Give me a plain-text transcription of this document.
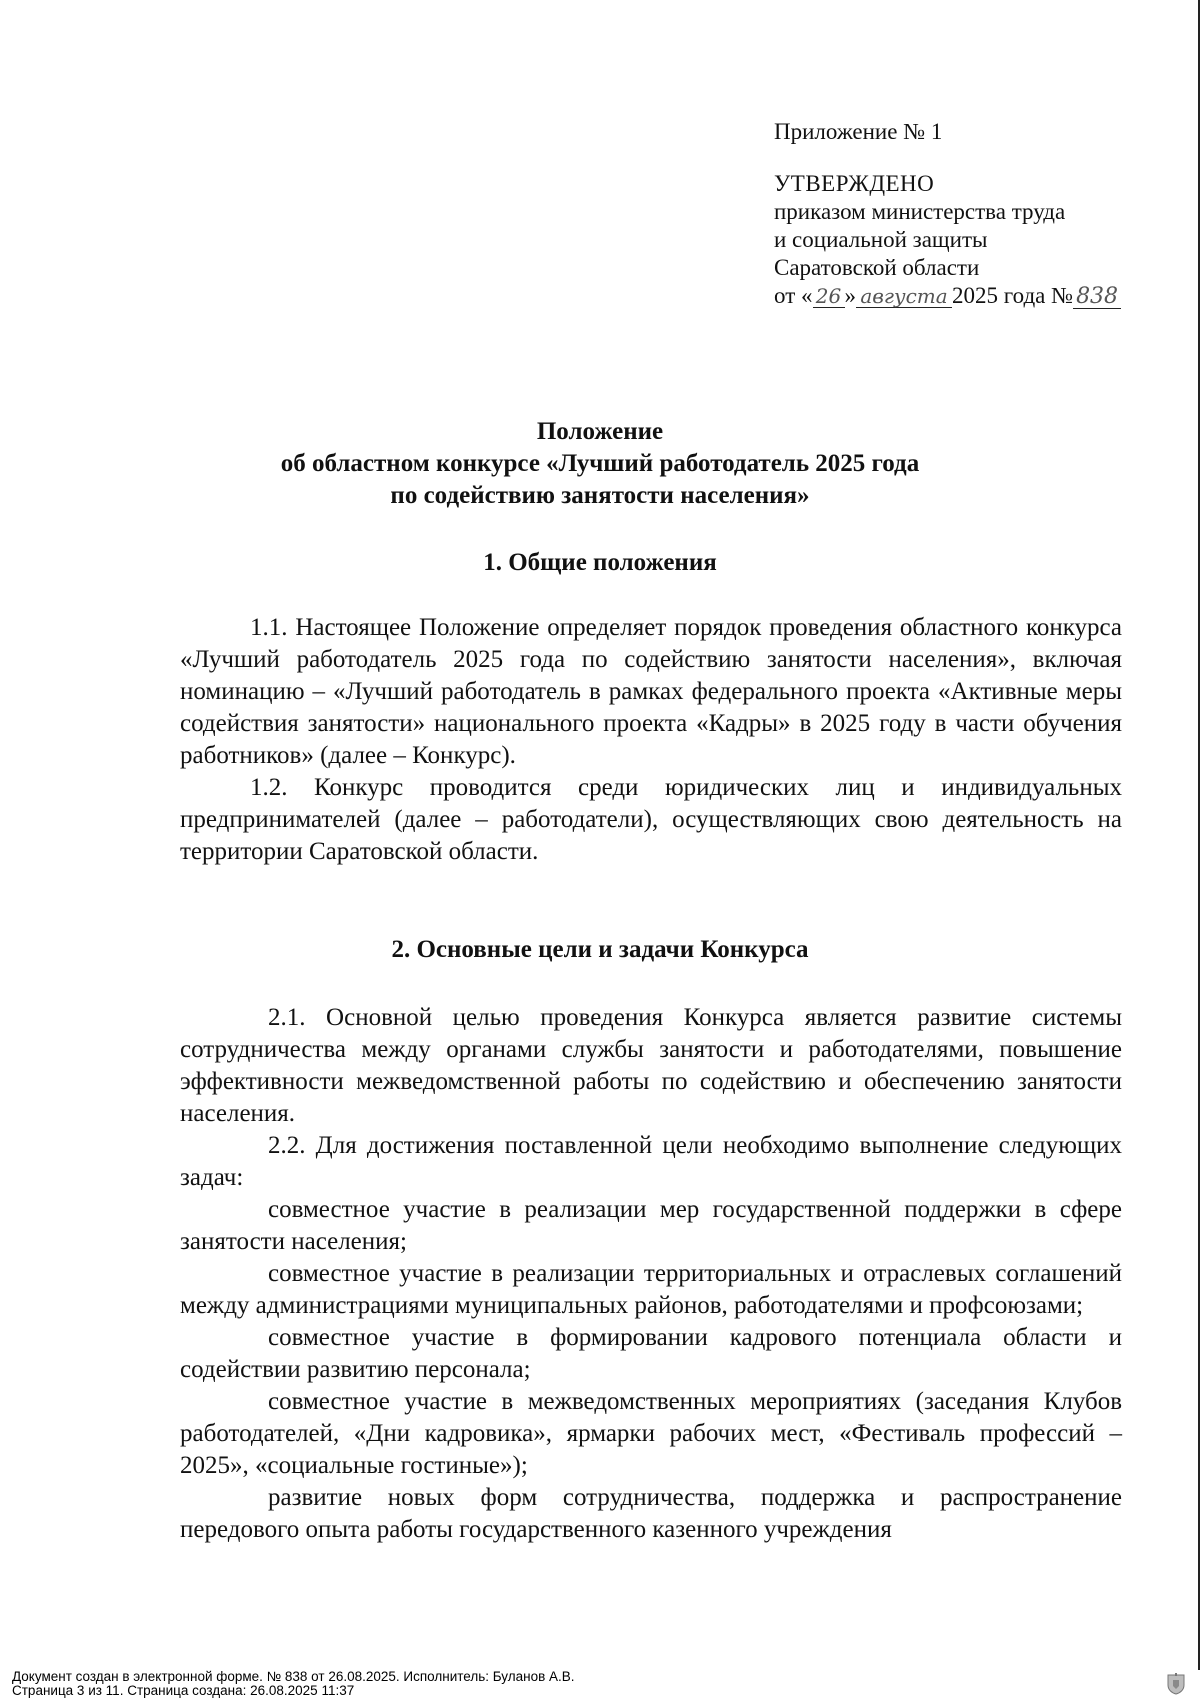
Приложение № 1
УТВЕРЖДЕНО
приказом министерства труда
и социальной защиты
Саратовской области
от « 26 » августа 2025 года № 838
Положение
об областном конкурсе «Лучший работодатель 2025 года
по содействию занятости населения»
1. Общие положения

1.1. Настоящее Положение определяет порядок проведения областного конкурса «Лучший работодатель 2025 года по содействию занятости населения», включая номинацию – «Лучший работодатель в рамках федерального проекта «Активные меры содействия занятости» национального проекта «Кадры» в 2025 году в части обучения работников» (далее – Конкурс).

1.2. Конкурс проводится среди юридических лиц и индивидуальных предпринимателей (далее – работодатели), осуществляющих свою деятельность на территории Саратовской области.

2. Основные цели и задачи Конкурса

2.1. Основной целью проведения Конкурса является развитие системы сотрудничества между органами службы занятости и работодателями, повышение эффективности межведомственной работы по содействию и обеспечению занятости населения.

2.2. Для достижения поставленной цели необходимо выполнение следующих задач:

совместное участие в реализации мер государственной поддержки в сфере занятости населения;

совместное участие в реализации территориальных и отраслевых соглашений между администрациями муниципальных районов, работодателями и профсоюзами;

совместное участие в формировании кадрового потенциала области и содействии развитию персонала;

совместное участие в межведомственных мероприятиях (заседания Клубов работодателей, «Дни кадровика», ярмарки рабочих мест, «Фестиваль профессий – 2025», «социальные гостиные»);

развитие новых форм сотрудничества, поддержка и распространение передового опыта работы государственного казенного учреждения

Документ создан в электронной форме. № 838 от 26.08.2025. Исполнитель: Буланов А.В.
Страница 3 из 11. Страница создана: 26.08.2025 11:37
